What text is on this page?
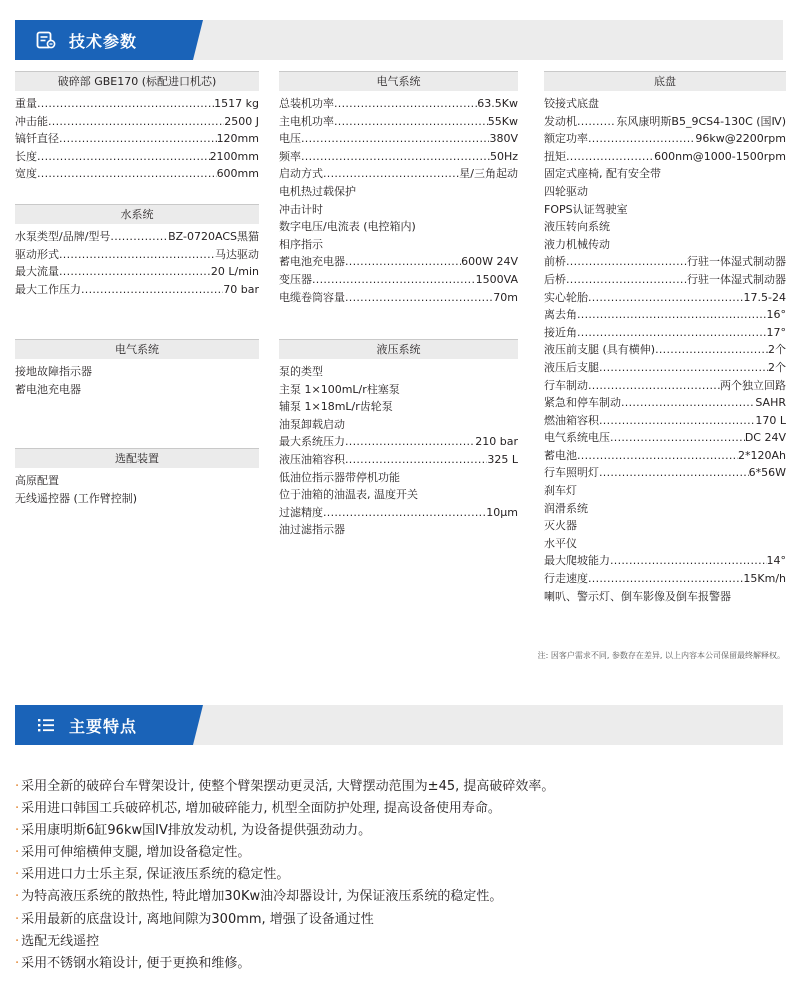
技术参数
破碎部 GBE170 (标配进口机芯)
重量 .....	1517 kg
冲击能 .....	2500 J
镐钎直径 .....	120mm
长度 .....	2100mm
宽度 .....	600mm
水系统
水泵类型/品牌/型号 .....	BZ-0720ACS黑猫
驱动形式 .....	马达驱动
最大流量 .....	20 L/min
最大工作压力 .....	70 bar
电气系统
接地故障指示器
蓄电池充电器
选配装置
高原配置
无线遥控器 (工作臂控制)
电气系统
总装机功率 .....	63.5Kw
主电机功率 .....	55Kw
电压 .....	380V
频率 .....	50Hz
启动方式 .....	星/三角起动
电机热过载保护
冲击计时
数字电压/电流表 (电控箱内)
相序指示
蓄电池充电器 .....	600W 24V
变压器 .....	1500VA
电缆卷筒容量 .....	70m
液压系统
泵的类型
主泵 1×100mL/r柱塞泵
辅泵 1×18mL/r齿轮泵
油泵卸载启动
最大系统压力 .....	210 bar
液压油箱容积 .....	325 L
低油位指示器带停机功能
位于油箱的油温表, 温度开关
过滤精度 .....	10μm
油过滤指示器
底盘
铰接式底盘
发动机 .....	东风康明斯B5_9CS4-130C (国Ⅳ)
额定功率 .....	96kw@2200rpm
扭矩 .....	600nm@1000-1500rpm
固定式座椅, 配有安全带
四轮驱动
FOPS认证驾驶室
液压转向系统
液力机械传动
前桥 .....	行驻一体湿式制动器
后桥 .....	行驻一体湿式制动器
实心轮胎 .....	17.5-24
离去角 .....	16°
接近角 .....	17°
液压前支腿 (具有横伸) .....	2个
液压后支腿 .....	2个
行车制动 .....	两个独立回路
紧急和停车制动 .....	SAHR
燃油箱容积 .....	170 L
电气系统电压 .....	DC 24V
蓄电池 .....	2*120Ah
行车照明灯 .....	6*56W
刹车灯
润滑系统
灭火器
水平仪
最大爬坡能力 .....	14°
行走速度 .....	15Km/h
喇叭、警示灯、倒车影像及倒车报警器
注: 因客户需求不同, 参数存在差异, 以上内容本公司保留最终解释权。
主要特点
· 采用全新的破碎台车臂架设计, 使整个臂架摆动更灵活, 大臂摆动范围为±45, 提高破碎效率。
· 采用进口韩国工兵破碎机芯, 增加破碎能力, 机型全面防护处理, 提高设备使用寿命。
· 采用康明斯6缸96kw国IV排放发动机, 为设备提供强劲动力。
· 采用可伸缩横伸支腿, 增加设备稳定性。
· 采用进口力士乐主泵, 保证液压系统的稳定性。
· 为特高液压系统的散热性, 特此增加30Kw油冷却器设计, 为保证液压系统的稳定性。
· 采用最新的底盘设计, 离地间隙为300mm, 增强了设备通过性
· 选配无线遥控
· 采用不锈钢水箱设计, 便于更换和维修。
